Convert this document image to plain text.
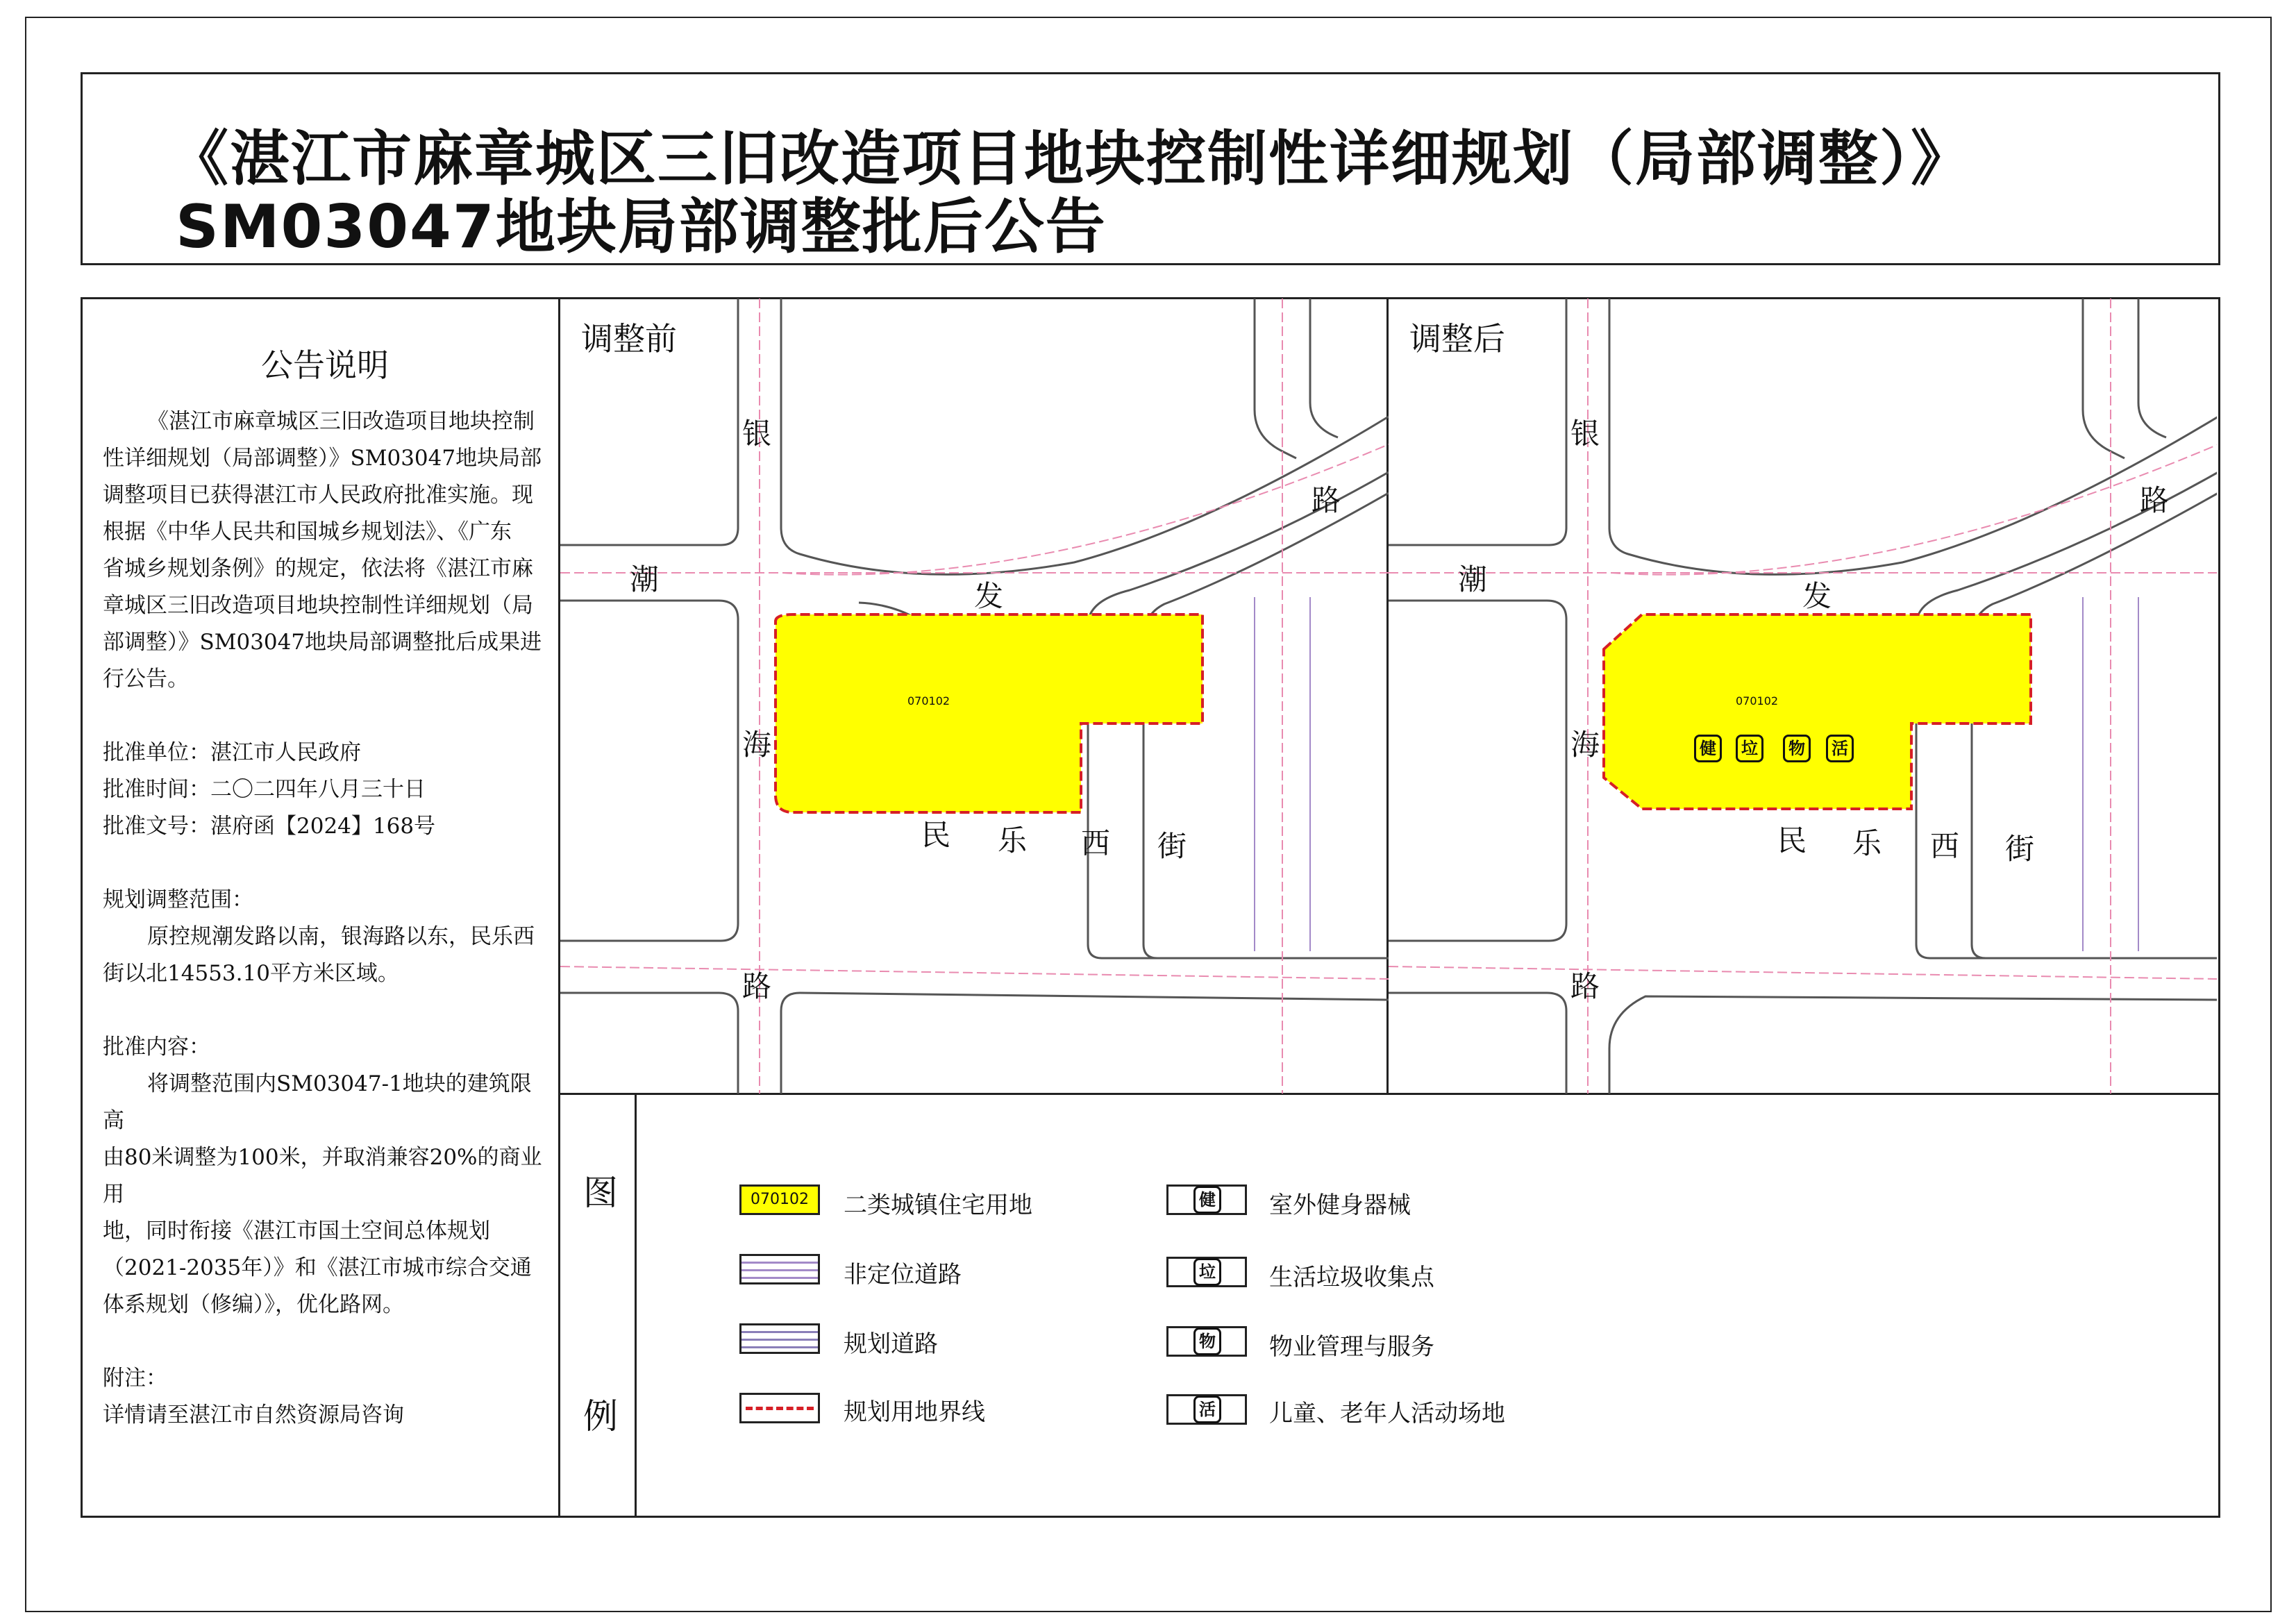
《湛江市麻章城区三旧改造项目地块控制性详细规划（局部调整）》
SM03047地块局部调整批后公告
公告说明

《湛江市麻章城区三旧改造项目地块控制

性详细规划（局部调整）》SM03047地块局部

调整项目已获得湛江市人民政府批准实施。现

根据《中华人民共和国城乡规划法》、《广东

省城乡规划条例》的规定，依法将《湛江市麻

章城区三旧改造项目地块控制性详细规划（局

部调整）》SM03047地块局部调整批后成果进

行公告。

批准单位：湛江市人民政府

批准时间：二〇二四年八月三十日

批准文号：湛府函【2024】168号

规划调整范围：

原控规潮发路以南，银海路以东，民乐西

街以北14553.10平方米区域。

批准内容：

将调整范围内SM03047-1地块的建筑限高

由80米调整为100米，并取消兼容20%的商业用

地，同时衔接《湛江市国土空间总体规划

（2021-2035年）》和《湛江市城市综合交通

体系规划（修编）》，优化路网。

附注：

详情请至湛江市自然资源局咨询

调整前
070102
银
海
路
潮	发
路
民 乐 西 街
调整后
070102
健	垃	物	活
银
海
路
潮	发
路
民 乐 西 街
图
例
070102	二类城镇住宅用地
非定位道路
规划道路
规划用地界线
健 室外健身器械
垃 生活垃圾收集点
物 物业管理与服务
活 儿童、老年人活动场地
